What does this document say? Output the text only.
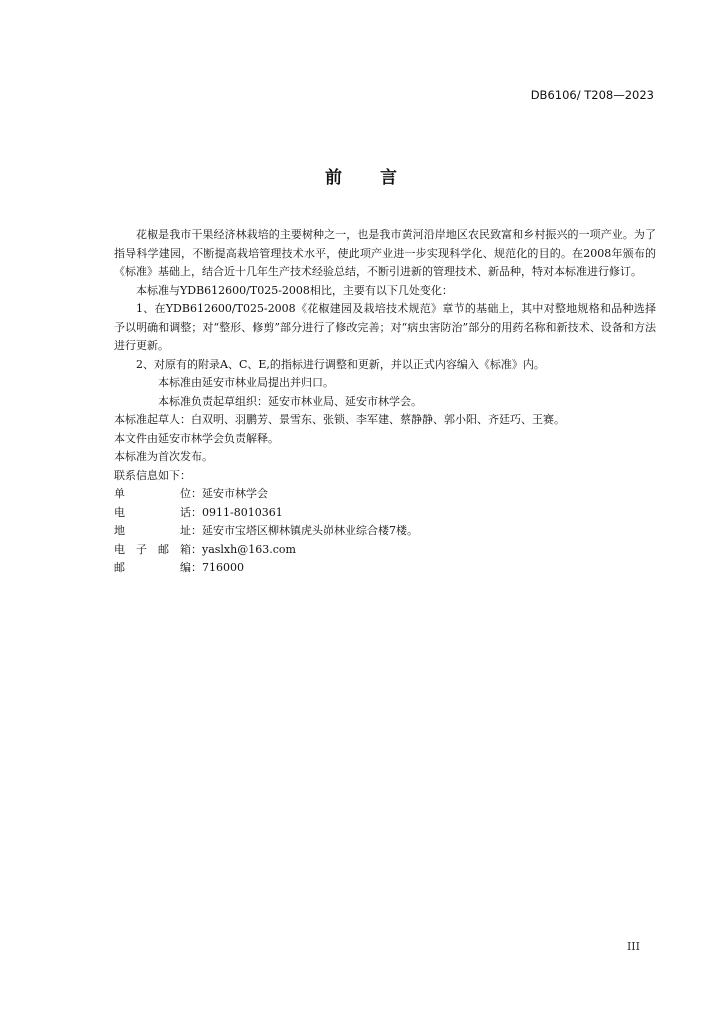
DB6106/ T208—2023
前 言

花椒是我市干果经济林栽培的主要树种之一，也是我市黄河沿岸地区农民致富和乡村振兴的一项产业。为了指导科学建园，不断提高栽培管理技术水平，使此项产业进一步实现科学化、规范化的目的。在2008年颁布的《标准》基础上，结合近十几年生产技术经验总结，不断引进新的管理技术、新品种，特对本标准进行修订。

本标准与YDB612600/T025-2008相比，主要有以下几处变化：

1、在YDB612600/T025-2008《花椒建园及栽培技术规范》章节的基础上，其中对整地规格和品种选择予以明确和调整；对“整形、修剪”部分进行了修改完善；对“病虫害防治”部分的用药名称和新技术、设备和方法进行更新。

2、对原有的附录A、C、E,的指标进行调整和更新，并以正式内容编入《标准》内。

本标准由延安市林业局提出并归口。

本标准负责起草组织：延安市林业局、延安市林学会。

本标准起草人：白双明、羽鹏芳、景雪东、张锁、李军建、蔡静静、郭小阳、齐廷巧、王赛。

本文件由延安市林学会负责解释。

本标准为首次发布。

联系信息如下：

单	位： 延安市林学会
电	话： 0911-8010361
地	址： 延安市宝塔区柳林镇虎头峁林业综合楼7楼。
电 子 邮 箱： yaslxh@163.com
邮	编： 716000
III
